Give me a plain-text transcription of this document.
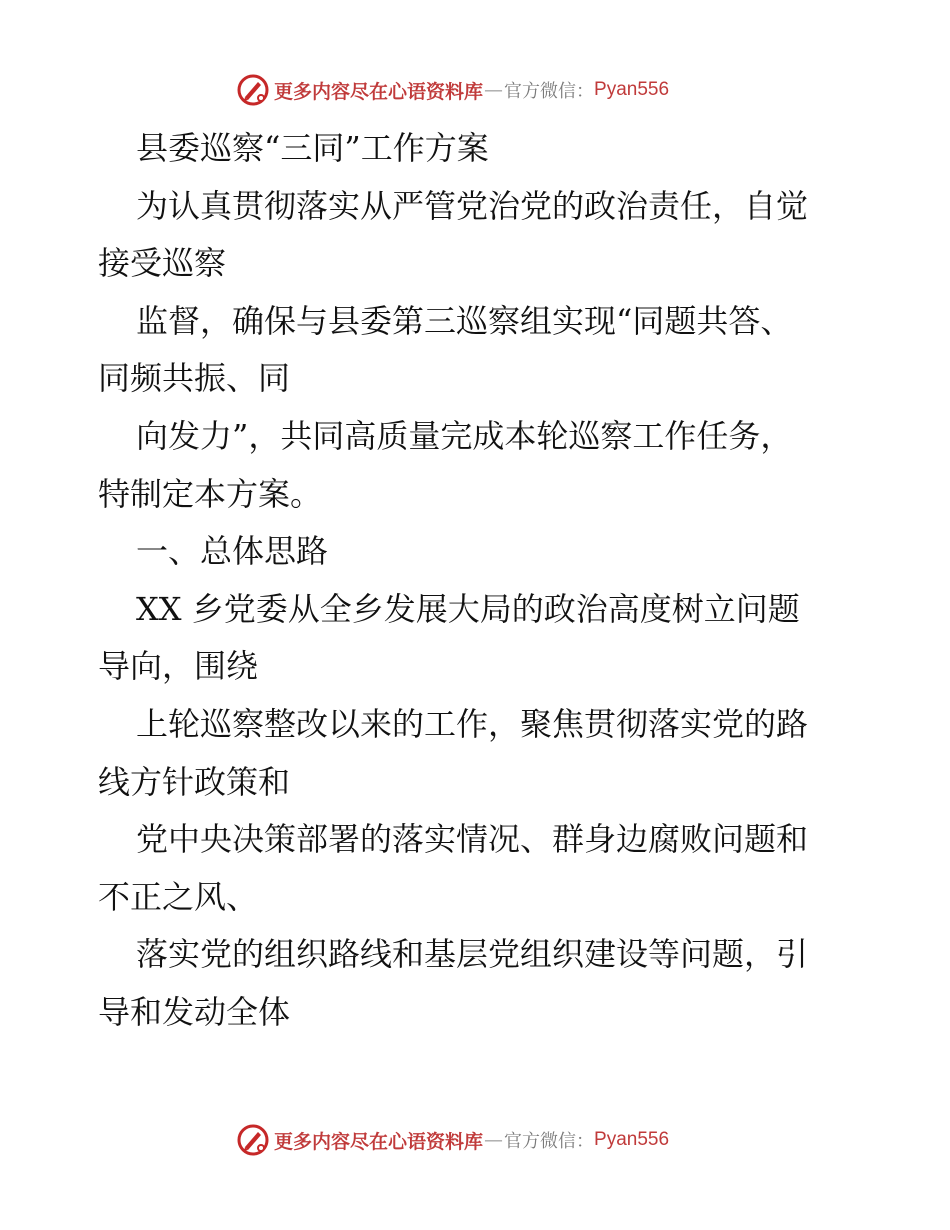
更多内容尽在心语资料库 — 官方微信： Pyan556
县委巡察“三同”工作方案
为认真贯彻落实从严管党治党的政治责任，自觉
接受巡察
监督，确保与县委第三巡察组实现“同题共答、
同频共振、同
向发力”，共同高质量完成本轮巡察工作任务，
特制定本方案。
一、总体思路
XX 乡党委从全乡发展大局的政治高度树立问题
导向，围绕
上轮巡察整改以来的工作，聚焦贯彻落实党的路
线方针政策和
党中央决策部署的落实情况、群身边腐败问题和
不正之风、
落实党的组织路线和基层党组织建设等问题，引
导和发动全体
更多内容尽在心语资料库 — 官方微信： Pyan556
